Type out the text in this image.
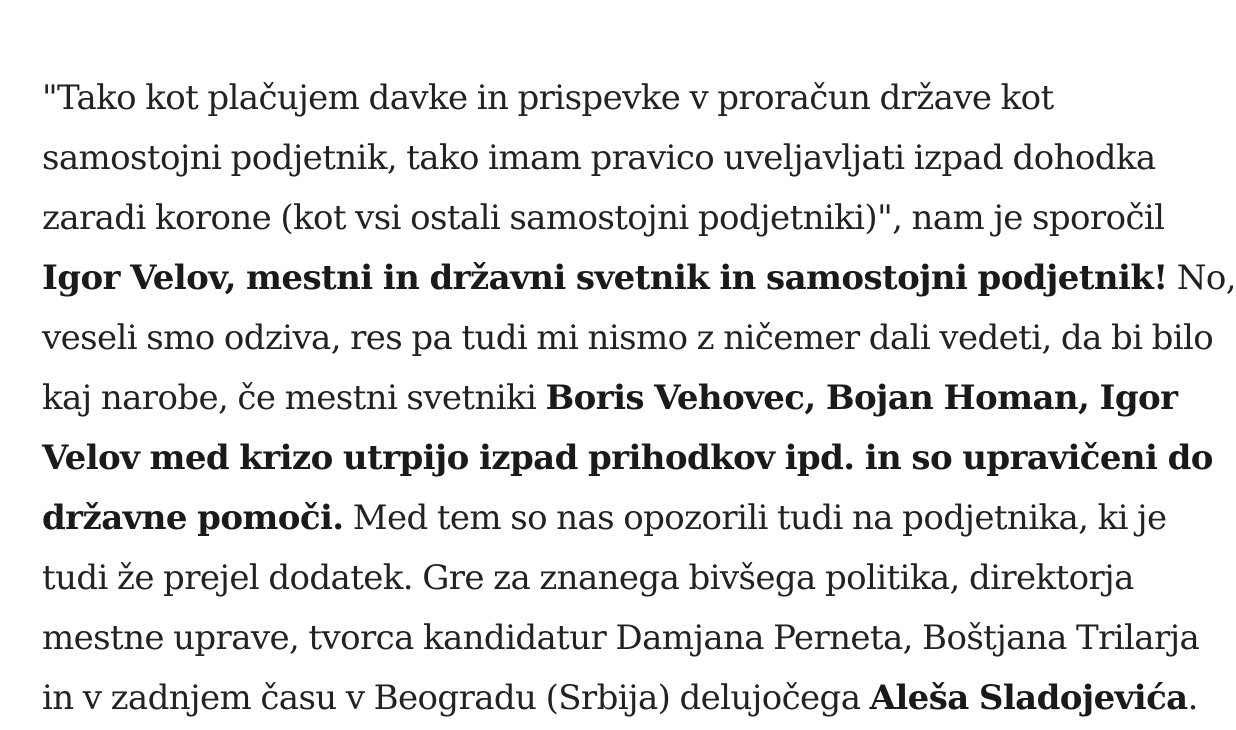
"Tako kot plačujem davke in prispevke v proračun države kot
samostojni podjetnik, tako imam pravico uveljavljati izpad dohodka
zaradi korone (kot vsi ostali samostojni podjetniki)", nam je sporočil
Igor Velov, mestni in državni svetnik in samostojni podjetnik! No,
veseli smo odziva, res pa tudi mi nismo z ničemer dali vedeti, da bi bilo
kaj narobe, če mestni svetniki Boris Vehovec, Bojan Homan, Igor
Velov med krizo utrpijo izpad prihodkov ipd. in so upravičeni do
državne pomoči. Med tem so nas opozorili tudi na podjetnika, ki je
tudi že prejel dodatek. Gre za znanega bivšega politika, direktorja
mestne uprave, tvorca kandidatur Damjana Perneta, Boštjana Trilarja
in v zadnjem času v Beogradu (Srbija) delujočega Aleša Sladojevića.
